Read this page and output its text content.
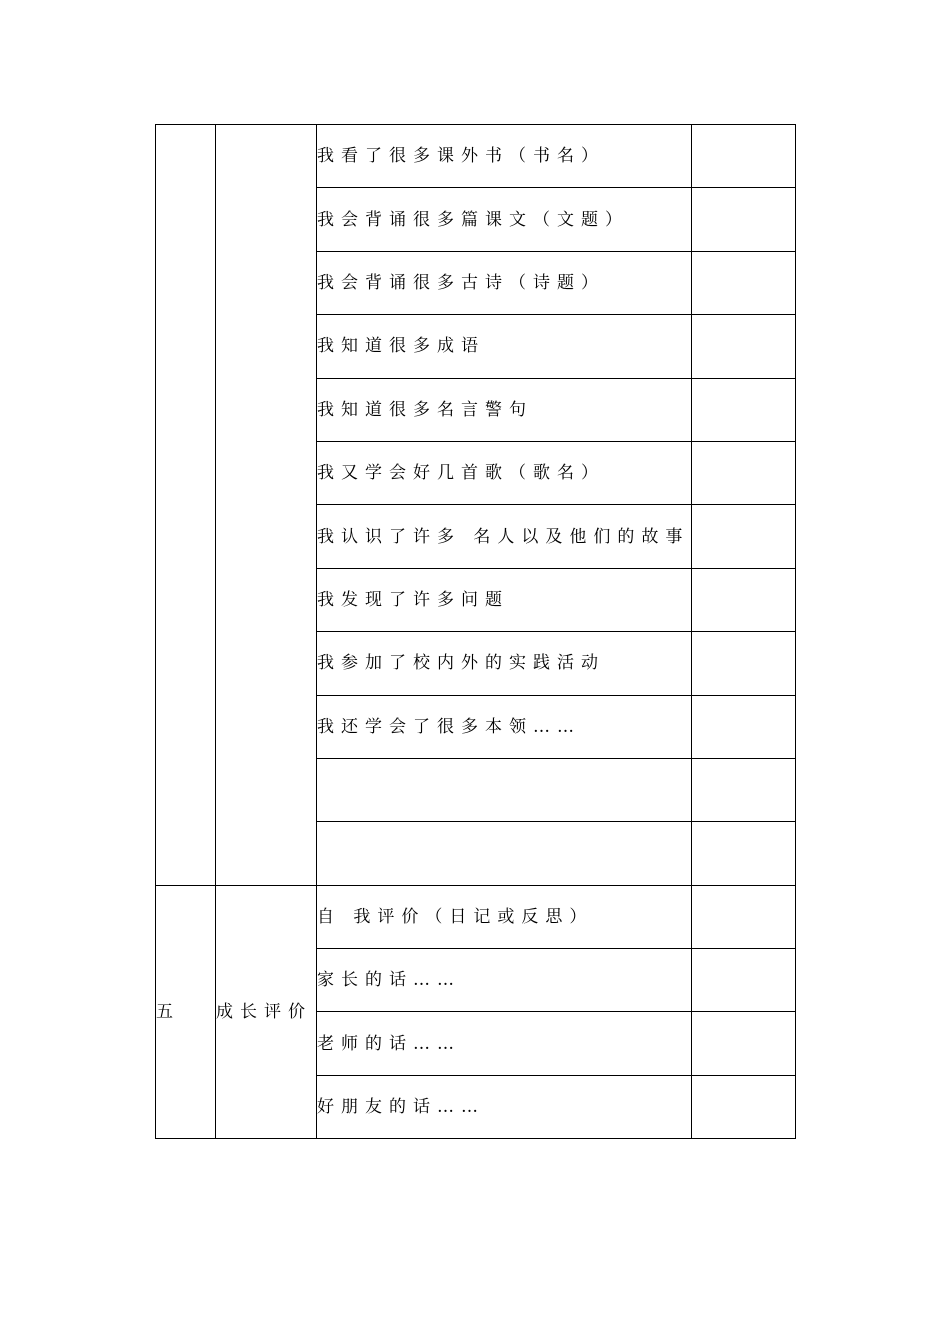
		我看了很多课外书（书名）	
		我会背诵很多篇课文（文题）	
		我会背诵很多古诗（诗题）	
		我知道很多成语	
		我知道很多名言警句	
		我又学会好几首歌（歌名）	
		我认识了许多 名人以及他们的故事	
		我发现了许多问题	
		我参加了校内外的实践活动	
		我还学会了很多本领……	

五	成长评价	自 我评价（日记或反思）	
		家长的话……	
		老师的话……	
		好朋友的话……	
